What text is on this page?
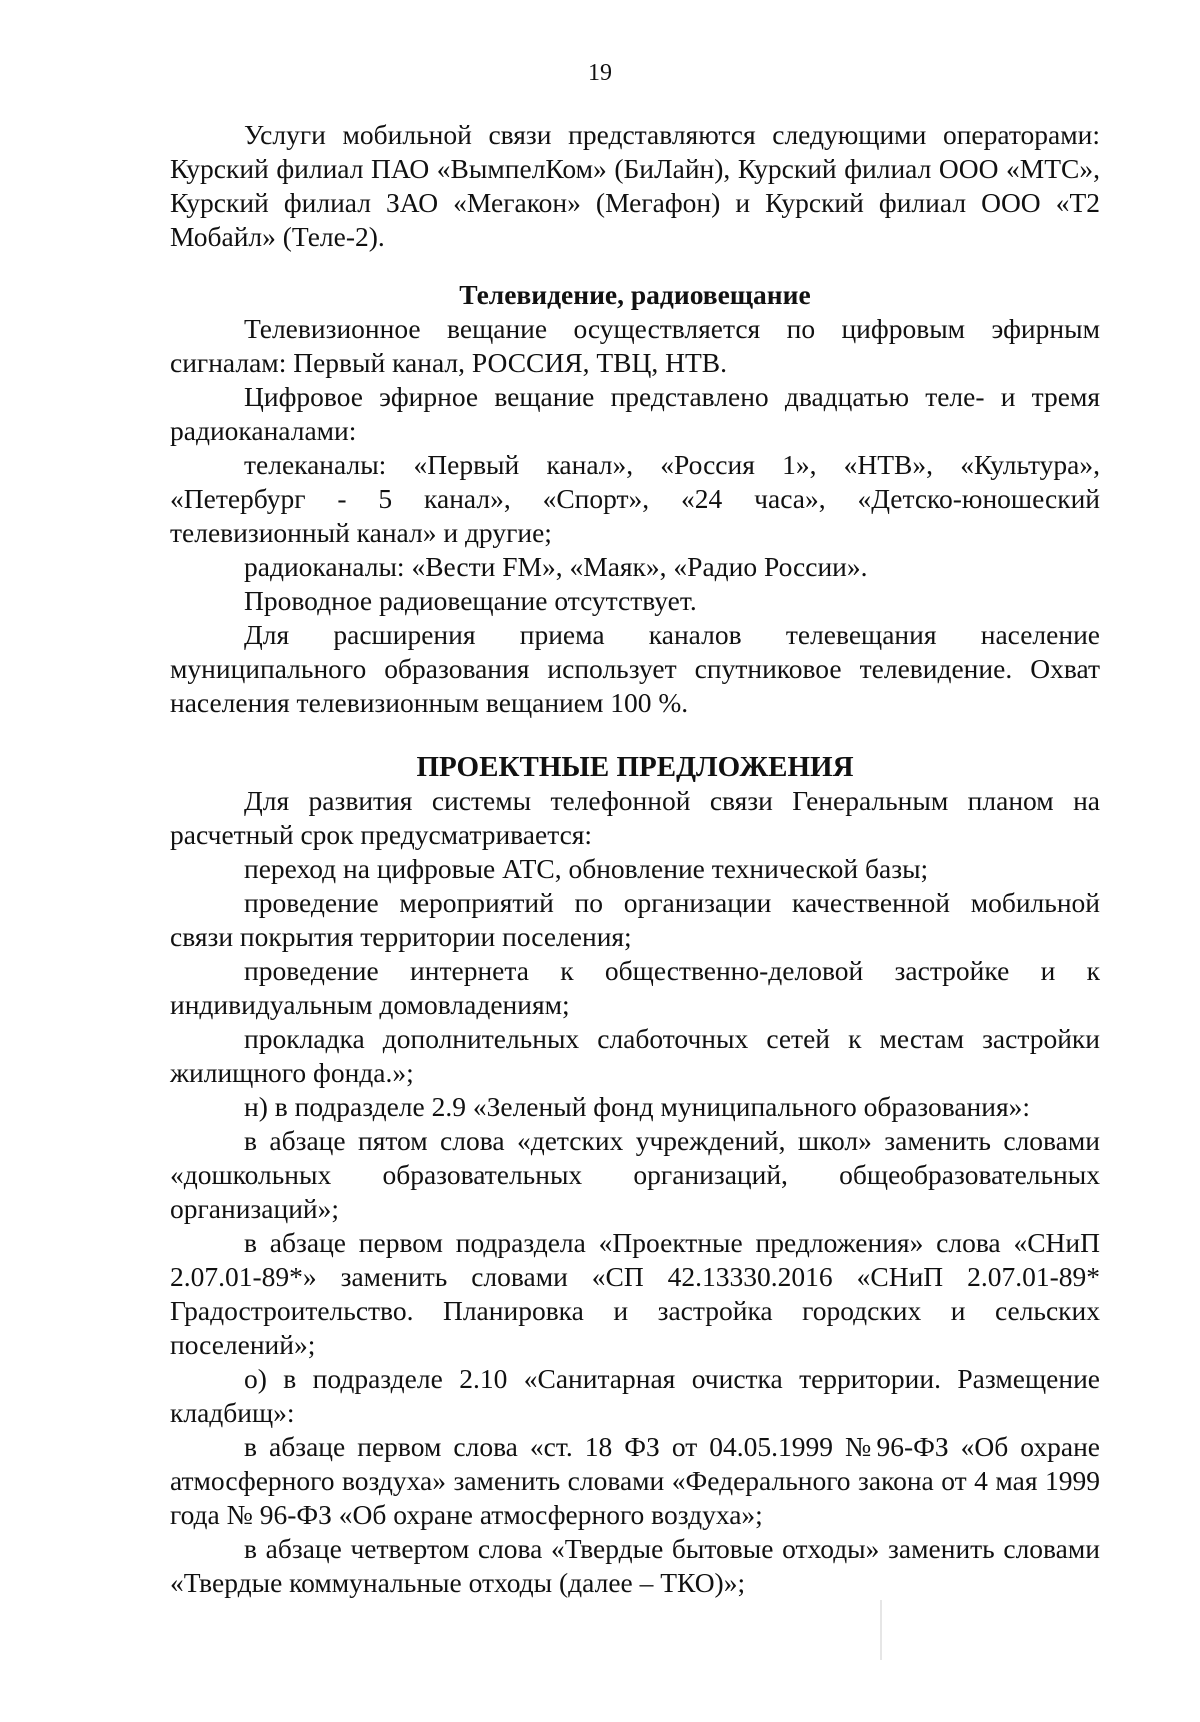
19

Услуги мобильной связи представляются следующими операторами: Курский филиал ПАО «ВымпелКом» (БиЛайн), Курский филиал ООО «МТС», Курский филиал ЗАО «Мегакон» (Мегафон) и Курский филиал ООО «Т2 Мобайл» (Теле-2).

Телевидение, радиовещание

Телевизионное вещание осуществляется по цифровым эфирным сигналам: Первый канал, РОССИЯ, ТВЦ, НТВ.

Цифровое эфирное вещание представлено двадцатью теле- и тремя радиоканалами:

телеканалы: «Первый канал», «Россия 1», «НТВ», «Культура», «Петербург - 5 канал», «Спорт», «24 часа», «Детско-юношеский телевизионный канал» и другие;

радиоканалы: «Вести FM», «Маяк», «Радио России».

Проводное радиовещание отсутствует.

Для расширения приема каналов телевещания население муниципального образования использует спутниковое телевидение. Охват населения телевизионным вещанием 100 %.

ПРОЕКТНЫЕ ПРЕДЛОЖЕНИЯ

Для развития системы телефонной связи Генеральным планом на расчетный срок предусматривается:

переход на цифровые АТС, обновление технической базы;

проведение мероприятий по организации качественной мобильной связи покрытия территории поселения;

проведение интернета к общественно-деловой застройке и к индивидуальным домовладениям;

прокладка дополнительных слаботочных сетей к местам застройки жилищного фонда.»;

н) в подразделе 2.9 «Зеленый фонд муниципального образования»:

в абзаце пятом слова «детских учреждений, школ» заменить словами «дошкольных образовательных организаций, общеобразовательных организаций»;

в абзаце первом подраздела «Проектные предложения» слова «СНиП 2.07.01-89*» заменить словами «СП 42.13330.2016 «СНиП 2.07.01-89* Градостроительство. Планировка и застройка городских и сельских поселений»;

о) в подразделе 2.10 «Санитарная очистка территории. Размещение кладбищ»:

в абзаце первом слова «ст. 18 ФЗ от 04.05.1999 №96-ФЗ «Об охране атмосферного воздуха» заменить словами «Федерального закона от 4 мая 1999 года № 96-ФЗ «Об охране атмосферного воздуха»;

в абзаце четвертом слова «Твердые бытовые отходы» заменить словами «Твердые коммунальные отходы (далее – ТКО)»;
